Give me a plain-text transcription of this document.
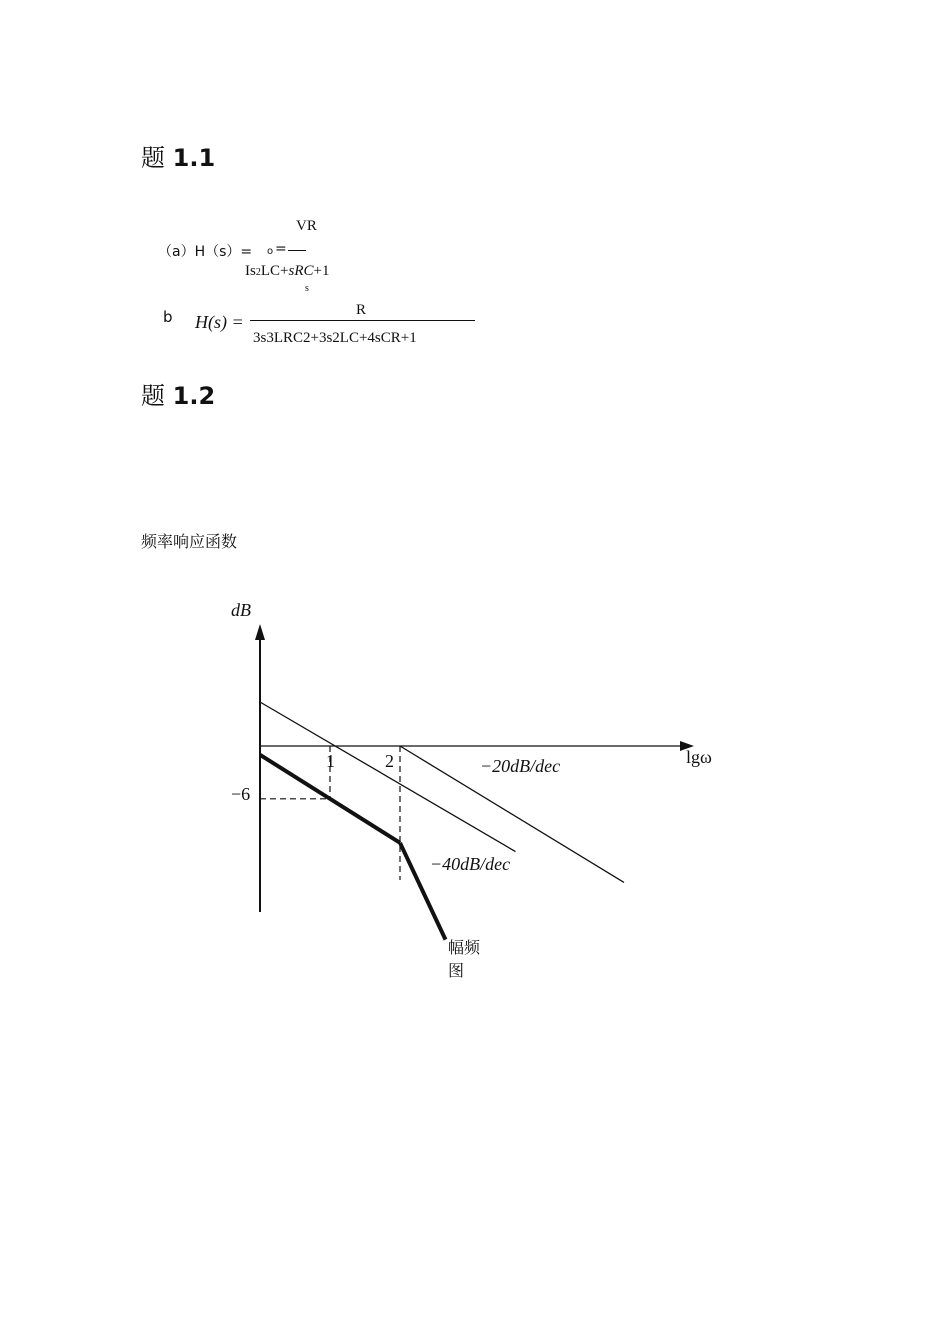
题 1.1
VR
（a）H（s）= o =
Is2LC+sRC+1
s
b H(s) =
R
3s3LRC2+3s2LC+4sCR+1
题 1.2
频率响应函数
dB
lgω
1	2
−6
−20dB/dec
−40dB/dec
幅频
图
